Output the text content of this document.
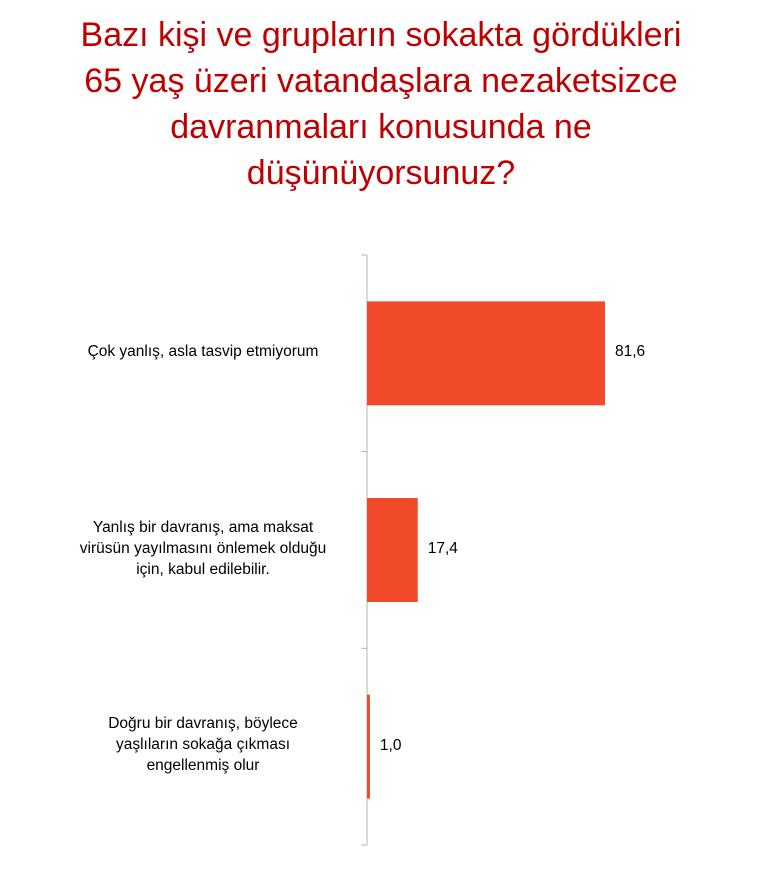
Bazı kişi ve grupların sokakta gördükleri
65 yaş üzeri vatandaşlara nezaketsizce
davranmaları konusunda ne
düşünüyorsunuz?
Çok yanlış, asla tasvip etmiyorum	81,6
Yanlış bir davranış, ama maksat
virüsün yayılmasını önlemek olduğu
için, kabul edilebilir.
17,4
Doğru bir davranış, böylece
yaşlıların sokağa çıkması
engellenmiş olur
1,0
